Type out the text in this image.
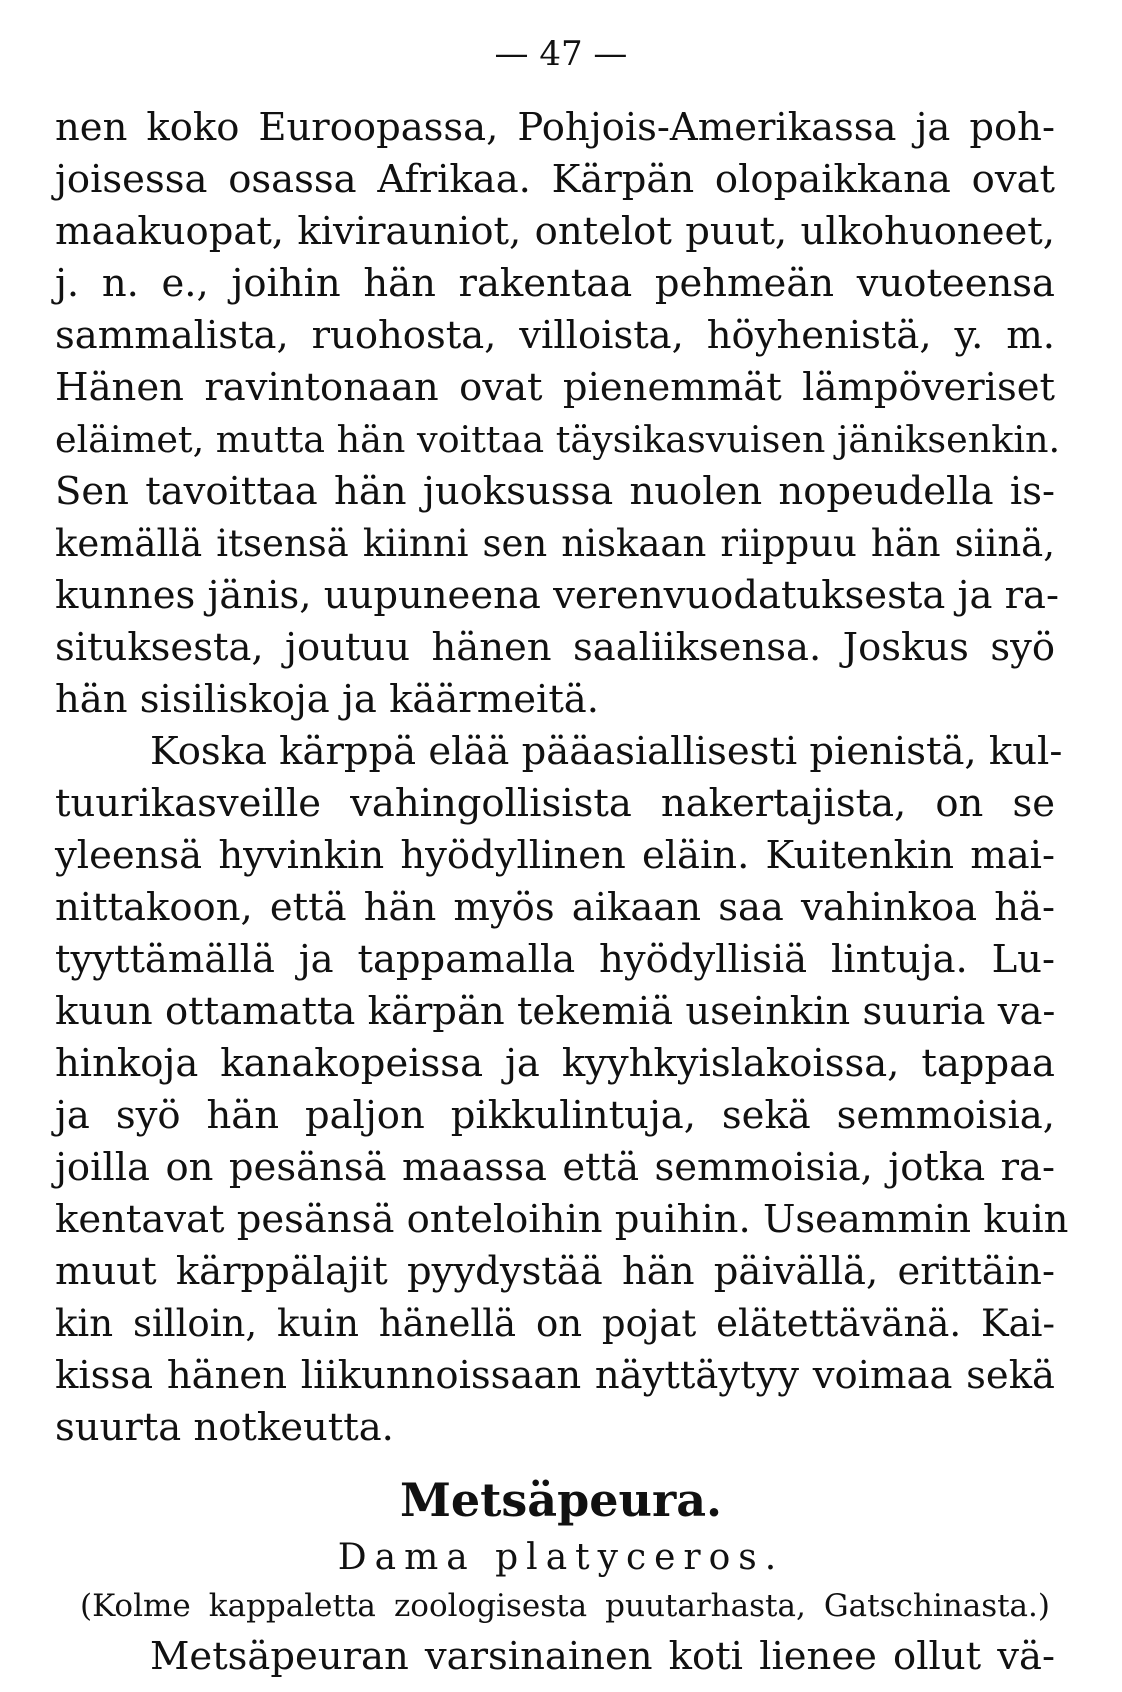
— 47 —
nen koko Euroopassa, Pohjois-Amerikassa ja poh-
joisessa osassa Afrikaa. Kärpän olopaikkana ovat
maakuopat, kivirauniot, ontelot puut, ulkohuoneet,
j. n. e., joihin hän rakentaa pehmeän vuoteensa
sammalista, ruohosta, villoista, höyhenistä, y. m.
Hänen ravintonaan ovat pienemmät lämpöveriset
eläimet, mutta hän voittaa täysikasvuisen jäniksenkin.
Sen tavoittaa hän juoksussa nuolen nopeudella is-
kemällä itsensä kiinni sen niskaan riippuu hän siinä,
kunnes jänis, uupuneena verenvuodatuksesta ja ra-
situksesta, joutuu hänen saaliiksensa. Joskus syö
hän sisiliskoja ja käärmeitä.
Koska kärppä elää pääasiallisesti pienistä, kul-
tuurikasveille vahingollisista nakertajista, on se
yleensä hyvinkin hyödyllinen eläin. Kuitenkin mai-
nittakoon, että hän myös aikaan saa vahinkoa hä-
tyyttämällä ja tappamalla hyödyllisiä lintuja. Lu-
kuun ottamatta kärpän tekemiä useinkin suuria va-
hinkoja kanakopeissa ja kyyhkyislakoissa, tappaa
ja syö hän paljon pikkulintuja, sekä semmoisia,
joilla on pesänsä maassa että semmoisia, jotka ra-
kentavat pesänsä onteloihin puihin. Useammin kuin
muut kärppälajit pyydystää hän päivällä, erittäin-
kin silloin, kuin hänellä on pojat elätettävänä. Kai-
kissa hänen liikunnoissaan näyttäytyy voimaa sekä
suurta notkeutta.
Metsäpeura.
Dama platyceros.
(Kolme kappaletta zoologisesta puutarhasta, Gatschinasta.)
Metsäpeuran varsinainen koti lienee ollut vä-
